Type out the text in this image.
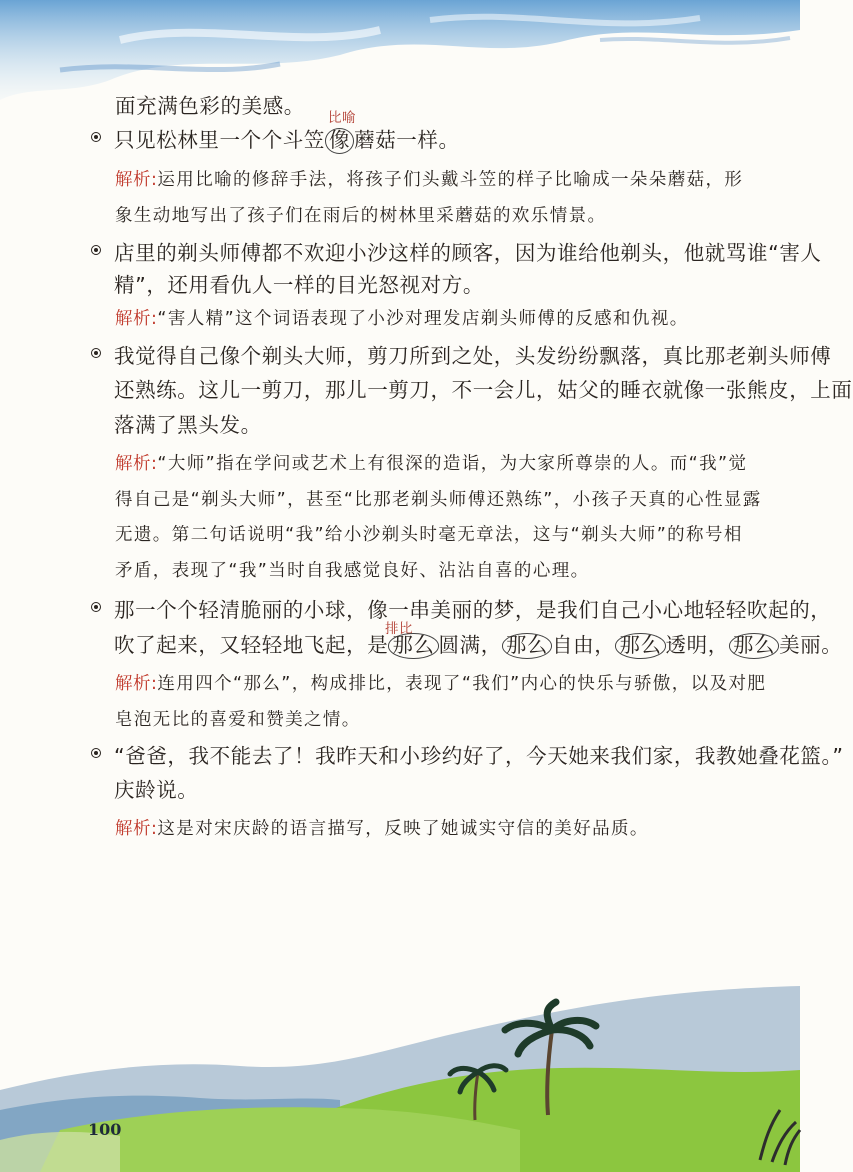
面充满色彩的美感。 比喻
只见松林里一个个斗笠 像 蘑菇一样。
解析:运用比喻的修辞手法，将孩子们头戴斗笠的样子比喻成一朵朵蘑菇，形
象生动地写出了孩子们在雨后的树林里采蘑菇的欢乐情景。
店里的剃头师傅都不欢迎小沙这样的顾客，因为谁给他剃头，他就骂谁“害人
精”，还用看仇人一样的目光怒视对方。
解析:“害人精”这个词语表现了小沙对理发店剃头师傅的反感和仇视。
我觉得自己像个剃头大师，剪刀所到之处，头发纷纷飘落，真比那老剃头师傅
还熟练。这儿一剪刀，那儿一剪刀，不一会儿，姑父的睡衣就像一张熊皮，上面
落满了黑头发。
解析:“大师”指在学问或艺术上有很深的造诣，为大家所尊崇的人。而“我”觉
得自己是“剃头大师”，甚至“比那老剃头师傅还熟练”，小孩子天真的心性显露
无遗。第二句话说明“我”给小沙剃头时毫无章法，这与“剃头大师”的称号相
矛盾，表现了“我”当时自我感觉良好、沾沾自喜的心理。
那一个个轻清脆丽的小球，像一串美丽的梦，是我们自己小心地轻轻吹起的，
排比
吹了起来，又轻轻地飞起，是 那么 圆满， 那么 自由， 那么 透明， 那么 美丽。
解析:连用四个“那么”，构成排比，表现了“我们”内心的快乐与骄傲，以及对肥
皂泡无比的喜爱和赞美之情。
“爸爸，我不能去了！我昨天和小珍约好了，今天她来我们家，我教她叠花篮。”
庆龄说。
解析:这是对宋庆龄的语言描写，反映了她诚实守信的美好品质。
100
